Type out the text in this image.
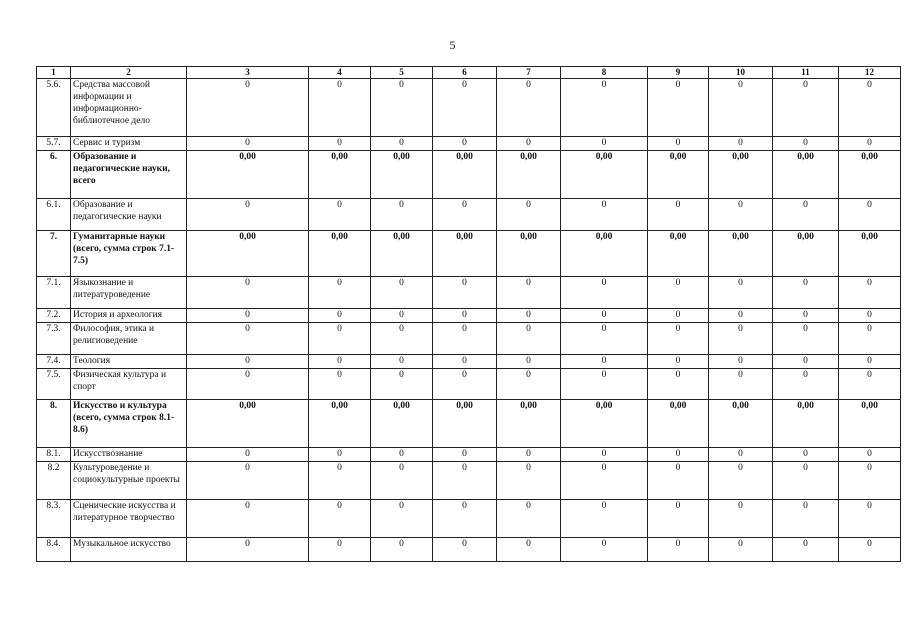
5
1	2	3	4	5	6	7	8	9	10	11	12
5.6.	Средства массовой информации и информационно-библиотечное дело	0	0	0	0	0	0	0	0	0	0
5.7.	Сервис и туризм	0	0	0	0	0	0	0	0	0	0
6.	Образование и педагогические науки, всего	0,00	0,00	0,00	0,00	0,00	0,00	0,00	0,00	0,00	0,00
6.1.	Образование и педагогические науки	0	0	0	0	0	0	0	0	0	0
7.	Гуманитарные науки (всего, сумма строк 7.1-7.5)	0,00	0,00	0,00	0,00	0,00	0,00	0,00	0,00	0,00	0,00
7.1.	Языкознание и литературоведение	0	0	0	0	0	0	0	0	0	0
7.2.	История и археология	0	0	0	0	0	0	0	0	0	0
7.3.	Философия, этика и религиоведение	0	0	0	0	0	0	0	0	0	0
7.4.	Теология	0	0	0	0	0	0	0	0	0	0
7.5.	Физическая культура и спорт	0	0	0	0	0	0	0	0	0	0
8.	Искусство и культура (всего, сумма строк 8.1-8.6)	0,00	0,00	0,00	0,00	0,00	0,00	0,00	0,00	0,00	0,00
8.1.	Искусствознание	0	0	0	0	0	0	0	0	0	0
8.2	Культуроведение и социокультурные проекты	0	0	0	0	0	0	0	0	0	0
8.3.	Сценические искусства и литературное творчество	0	0	0	0	0	0	0	0	0	0
8.4.	Музыкальное искусство	0	0	0	0	0	0	0	0	0	0
